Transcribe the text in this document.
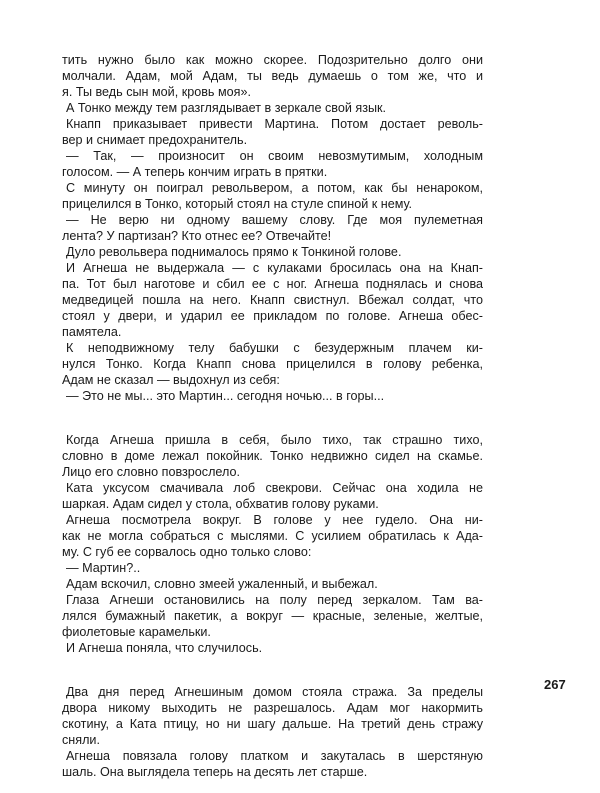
тить нужно было как можно скорее. Подозрительно долго они
молчали. Адам, мой Адам, ты ведь думаешь о том же, что и
я. Ты ведь сын мой, кровь моя».
А Тонко между тем разглядывает в зеркале свой язык.
Кнапп приказывает привести Мартина. Потом достает револь-
вер и снимает предохранитель.
— Так, — произносит он своим невозмутимым, холодным
голосом. — А теперь кончим играть в прятки.
С минуту он поиграл револьвером, а потом, как бы ненароком,
прицелился в Тонко, который стоял на стуле спиной к нему.
— Не верю ни одному вашему слову. Где моя пулеметная
лента? У партизан? Кто отнес ее? Отвечайте!
Дуло револьвера поднималось прямо к Тонкиной голове.
И Агнеша не выдержала — с кулаками бросилась она на Кнап-
па. Тот был наготове и сбил ее с ног. Агнеша поднялась и снова
медведицей пошла на него. Кнапп свистнул. Вбежал солдат, что
стоял у двери, и ударил ее прикладом по голове. Агнеша обес-
памятела.
К неподвижному телу бабушки с безудержным плачем ки-
нулся Тонко. Когда Кнапп снова прицелился в голову ребенка,
Адам не сказал — выдохнул из себя:
— Это не мы... это Мартин... сегодня ночью... в горы...
Когда Агнеша пришла в себя, было тихо, так страшно тихо,
словно в доме лежал покойник. Тонко недвижно сидел на скамье.
Лицо его словно повзрослело.
Ката уксусом смачивала лоб свекрови. Сейчас она ходила не
шаркая. Адам сидел у стола, обхватив голову руками.
Агнеша посмотрела вокруг. В голове у нее гудело. Она ни-
как не могла собраться с мыслями. С усилием обратилась к Ада-
му. С губ ее сорвалось одно только слово:
— Мартин?..
Адам вскочил, словно змеей ужаленный, и выбежал.
Глаза Агнеши остановились на полу перед зеркалом. Там ва-
лялся бумажный пакетик, а вокруг — красные, зеленые, желтые,
фиолетовые карамельки.
И Агнеша поняла, что случилось.
Два дня перед Агнешиным домом стояла стража. За пределы
двора никому выходить не разрешалось. Адам мог накормить
скотину, а Ката птицу, но ни шагу дальше. На третий день стражу
сняли.
Агнеша повязала голову платком и закуталась в шерстяную
шаль. Она выглядела теперь на десять лет старше.
267
